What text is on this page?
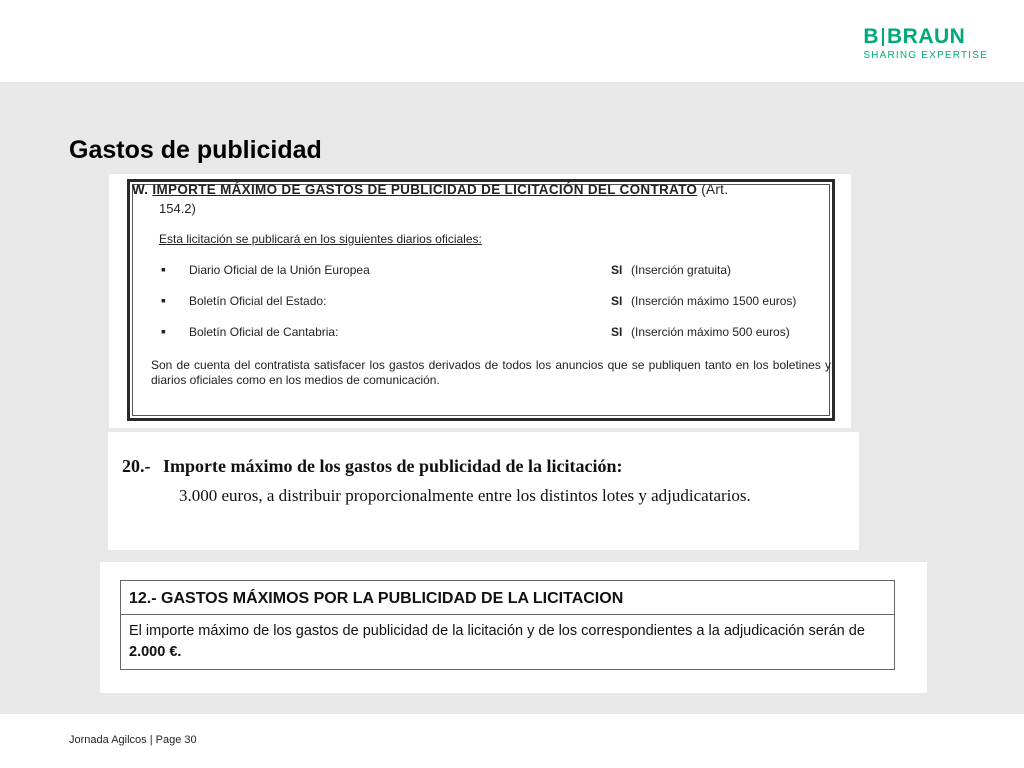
B BRAUN
SHARING EXPERTISE
Gastos de publicidad
W. IMPORTE MÁXIMO DE GASTOS DE PUBLICIDAD DE LICITACIÓN DEL CONTRATO (Art.
154.2)
Esta licitación se publicará en los siguientes diarios oficiales:
▪ Diario Oficial de la Unión Europea	SI (Inserción gratuita)
▪ Boletín Oficial del Estado:	SI (Inserción máximo 1500 euros)
▪ Boletín Oficial de Cantabria:	SI (Inserción máximo 500 euros)
Son de cuenta del contratista satisfacer los gastos derivados de todos los anuncios que se publiquen tanto en los boletines y diarios oficiales como en los medios de comunicación.
20.- Importe máximo de los gastos de publicidad de la licitación:
3.000 euros, a distribuir proporcionalmente entre los distintos lotes y adjudicatarios.
12.- GASTOS MÁXIMOS POR LA PUBLICIDAD DE LA LICITACION
El importe máximo de los gastos de publicidad de la licitación y de los correspondientes a la adjudicación serán de 2.000 €.
Jornada Agilcos | Page 30
